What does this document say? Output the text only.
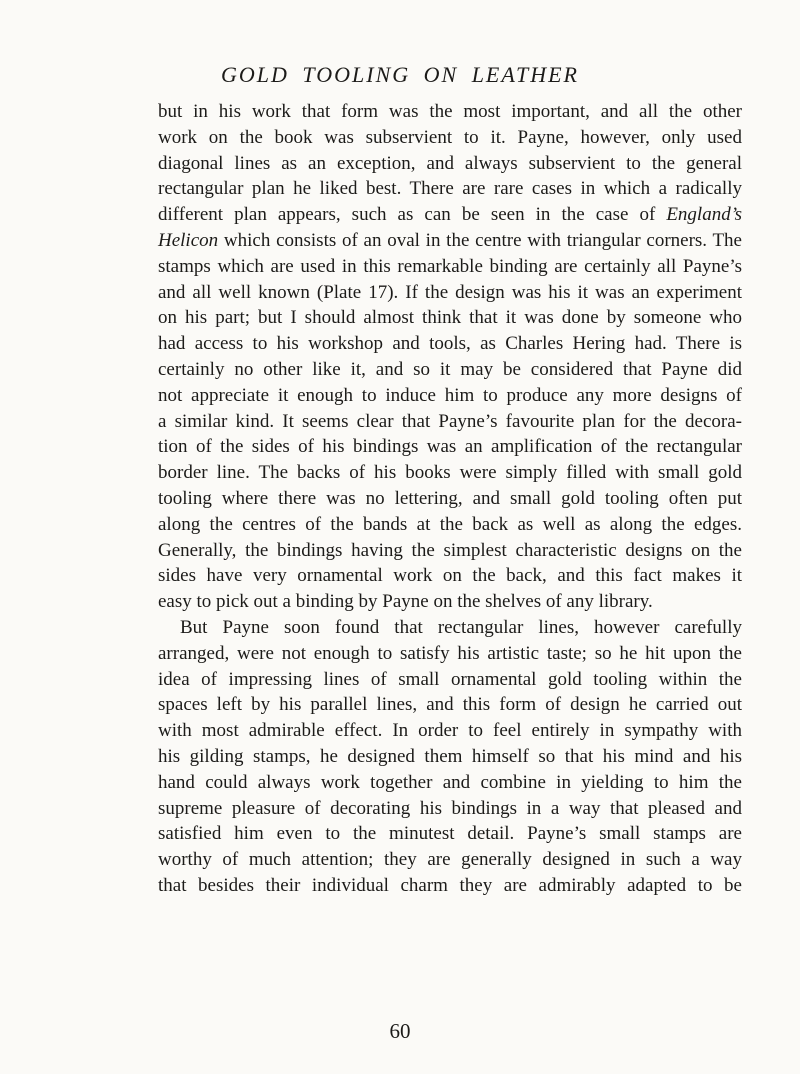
GOLD TOOLING ON LEATHER
but in his work that form was the most important, and all the other
work on the book was subservient to it. Payne, however, only used
diagonal lines as an exception, and always subservient to the general
rectangular plan he liked best. There are rare cases in which a radically
different plan appears, such as can be seen in the case of England’s
Helicon which consists of an oval in the centre with triangular corners. The
stamps which are used in this remarkable binding are certainly all Payne’s
and all well known (Plate 17). If the design was his it was an experiment
on his part; but I should almost think that it was done by someone who
had access to his workshop and tools, as Charles Hering had. There is
certainly no other like it, and so it may be considered that Payne did
not appreciate it enough to induce him to produce any more designs of
a similar kind. It seems clear that Payne’s favourite plan for the decora-
tion of the sides of his bindings was an amplification of the rectangular
border line. The backs of his books were simply filled with small gold
tooling where there was no lettering, and small gold tooling often put
along the centres of the bands at the back as well as along the edges.
Generally, the bindings having the simplest characteristic designs on the
sides have very ornamental work on the back, and this fact makes it
easy to pick out a binding by Payne on the shelves of any library.
But Payne soon found that rectangular lines, however carefully
arranged, were not enough to satisfy his artistic taste; so he hit upon the
idea of impressing lines of small ornamental gold tooling within the
spaces left by his parallel lines, and this form of design he carried out
with most admirable effect. In order to feel entirely in sympathy with
his gilding stamps, he designed them himself so that his mind and his
hand could always work together and combine in yielding to him the
supreme pleasure of decorating his bindings in a way that pleased and
satisfied him even to the minutest detail. Payne’s small stamps are
worthy of much attention; they are generally designed in such a way
that besides their individual charm they are admirably adapted to be
60
